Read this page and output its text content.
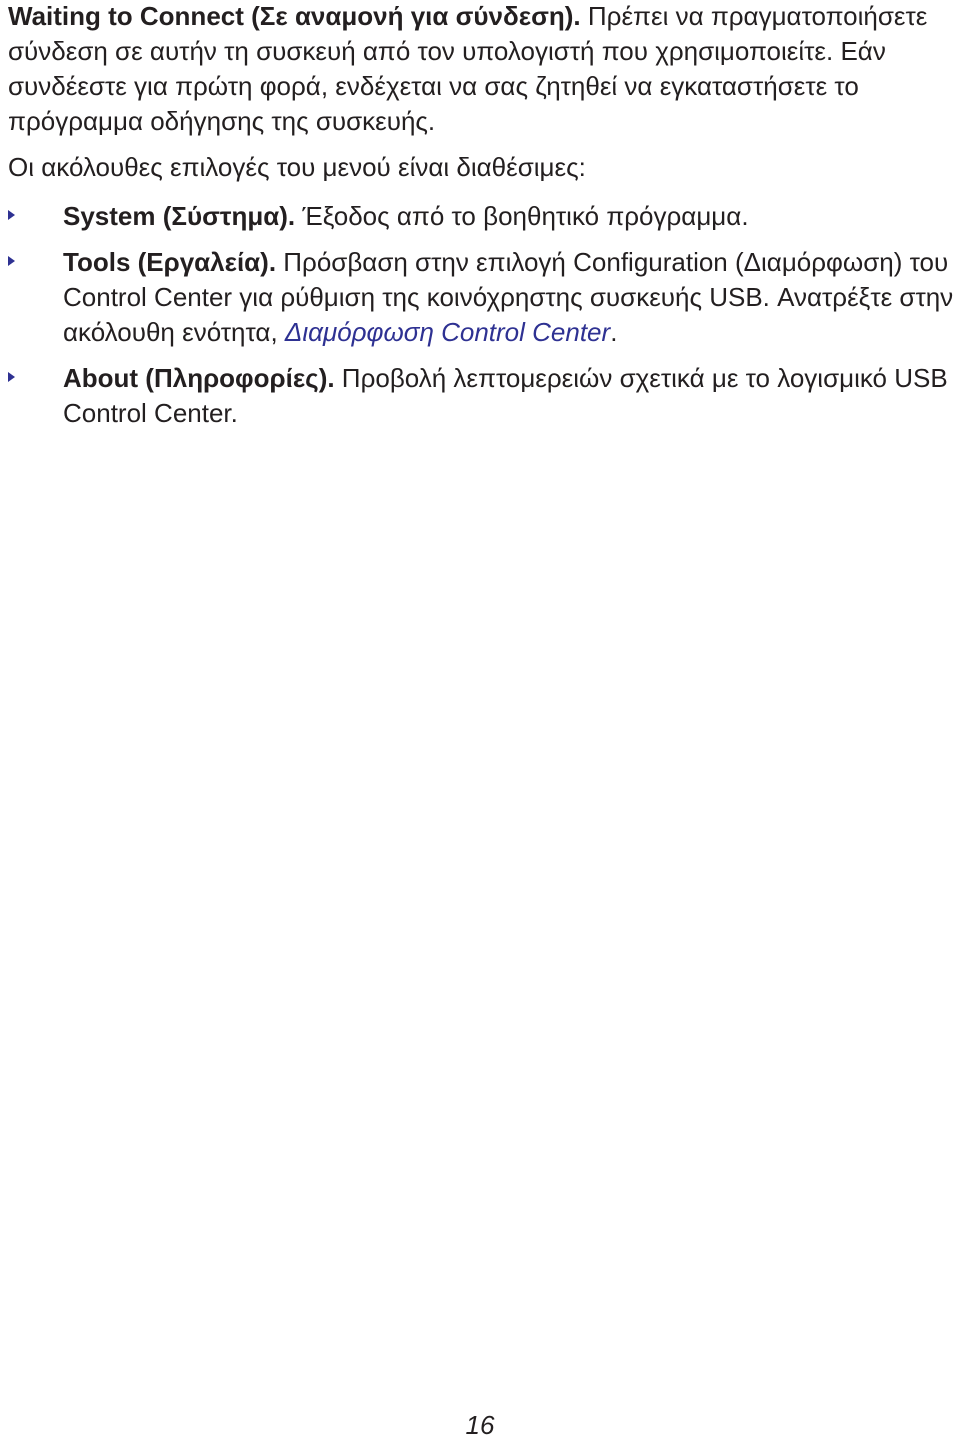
Waiting to Connect (Σε αναμονή για σύνδεση). Πρέπει να πραγματοποιήσετε σύνδεση σε αυτήν τη συσκευή από τον υπολογιστή που χρησιμοποιείτε. Εάν συνδέεστε για πρώτη φορά, ενδέχεται να σας ζητηθεί να εγκαταστήσετε το πρόγραμμα οδήγησης της συσκευής.

Οι ακόλουθες επιλογές του μενού είναι διαθέσιμες:

System (Σύστημα). Έξοδος από το βοηθητικό πρόγραμμα.
Tools (Εργαλεία). Πρόσβαση στην επιλογή Configuration (Διαμόρφωση) του Control Center για ρύθμιση της κοινόχρηστης συσκευής USB. Ανατρέξτε στην ακόλουθη ενότητα, Διαμόρφωση Control Center.
About (Πληροφορίες). Προβολή λεπτομερειών σχετικά με το λογισμικό USB Control Center.
16
